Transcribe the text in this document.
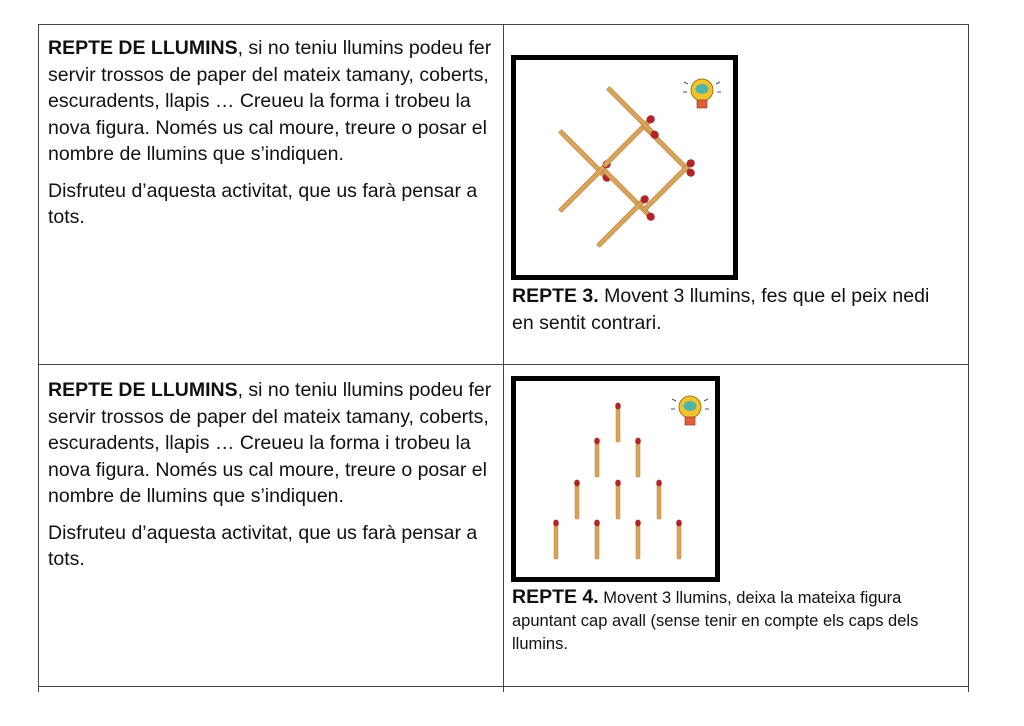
REPTE DE LLUMINS, si no teniu llumins podeu fer servir trossos de paper del mateix tamany, coberts, escuradents, llapis … Creueu la forma i trobeu la nova figura. Només us cal moure, treure o posar el nombre de llumins que s’indiquen.

Disfruteu d’aquesta activitat, que us farà pensar a tots.

REPTE 3. Movent 3 llumins, fes que el peix nedi en sentit contrari.

REPTE DE LLUMINS, si no teniu llumins podeu fer servir trossos de paper del mateix tamany, coberts, escuradents, llapis … Creueu la forma i trobeu la nova figura. Només us cal moure, treure o posar el nombre de llumins que s’indiquen.

Disfruteu d’aquesta activitat, que us farà pensar a tots.

REPTE 4. Movent 3 llumins, deixa la mateixa figura apuntant cap avall (sense tenir en compte els caps dels llumins.
